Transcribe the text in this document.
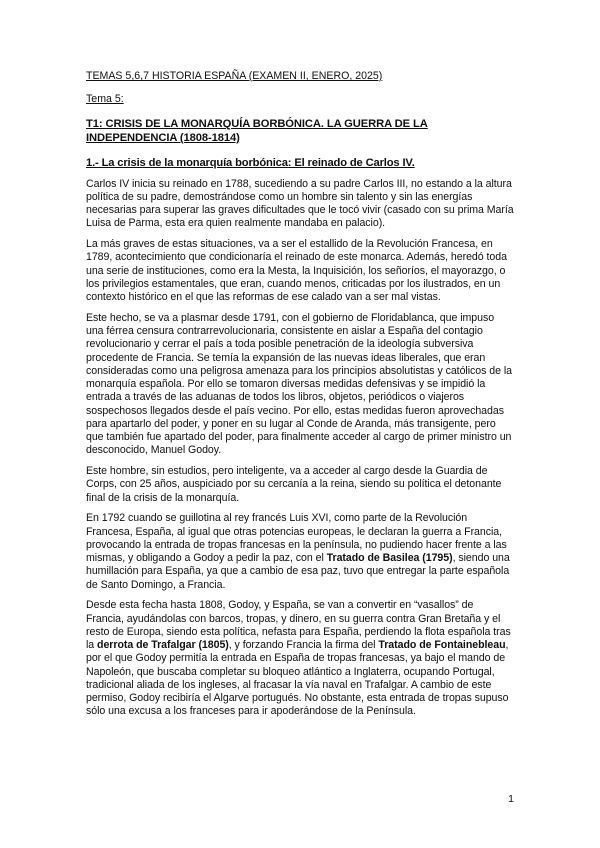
TEMAS 5,6,7 HISTORIA ESPAÑA (EXAMEN II, ENERO, 2025)

Tema 5:

T1: CRISIS DE LA MONARQUÍA BORBÓNICA. LA GUERRA DE LA INDEPENDENCIA (1808-1814)

1.- La crisis de la monarquía borbónica: El reinado de Carlos IV.

Carlos IV inicia su reinado en 1788, sucediendo a su padre Carlos III, no estando a la altura política de su padre, demostrándose como un hombre sin talento y sin las energías necesarias para superar las graves dificultades que le tocó vivir (casado con su prima María Luisa de Parma, esta era quien realmente mandaba en palacio).

La más graves de estas situaciones, va a ser el estallido de la Revolución Francesa, en 1789, acontecimiento que condicionaría el reinado de este monarca. Además, heredó toda una serie de instituciones, como era la Mesta, la Inquisición, los señoríos, el mayorazgo, o los privilegios estamentales, que eran, cuando menos, criticadas por los ilustrados, en un contexto histórico en el que las reformas de ese calado van a ser mal vistas.

Este hecho, se va a plasmar desde 1791, con el gobierno de Floridablanca, que impuso una férrea censura contrarrevolucionaria, consistente en aislar a España del contagio revolucionario y cerrar el país a toda posible penetración de la ideología subversiva procedente de Francia. Se temía la expansión de las nuevas ideas liberales, que eran consideradas como una peligrosa amenaza para los principios absolutistas y católicos de la monarquía española. Por ello se tomaron diversas medidas defensivas y se impidió la entrada a través de las aduanas de todos los libros, objetos, periódicos o viajeros sospechosos llegados desde el país vecino. Por ello, estas medidas fueron aprovechadas para apartarlo del poder, y poner en su lugar al Conde de Aranda, más transigente, pero que también fue apartado del poder, para finalmente acceder al cargo de primer ministro un desconocido, Manuel Godoy.

Este hombre, sin estudios, pero inteligente, va a acceder al cargo desde la Guardia de Corps, con 25 años, auspiciado por su cercanía a la reina, siendo su política el detonante final de la crisis de la monarquía.

En 1792 cuando se guillotina al rey francés Luis XVI, como parte de la Revolución Francesa, España, al igual que otras potencias europeas, le declaran la guerra a Francia, provocando la entrada de tropas francesas en la península, no pudiendo hacer frente a las mismas, y obligando a Godoy a pedir la paz, con el Tratado de Basilea (1795), siendo una humillación para España, ya que a cambio de esa paz, tuvo que entregar la parte española de Santo Domingo, a Francia.

Desde esta fecha hasta 1808, Godoy, y España, se van a convertir en “vasallos” de Francia, ayudándolas con barcos, tropas, y dinero, en su guerra contra Gran Bretaña y el resto de Europa, siendo esta política, nefasta para España, perdiendo la flota española tras la derrota de Trafalgar (1805), y forzando Francia la firma del Tratado de Fontainebleau, por el que Godoy permitía la entrada en España de tropas francesas, ya bajo el mando de Napoleón, que buscaba completar su bloqueo atlántico a Inglaterra, ocupando Portugal, tradicional aliada de los ingleses, al fracasar la vía naval en Trafalgar. A cambio de este permiso, Godoy recibiría el Algarve portugués. No obstante, esta entrada de tropas supuso sólo una excusa a los franceses para ir apoderándose de la Península.

1
